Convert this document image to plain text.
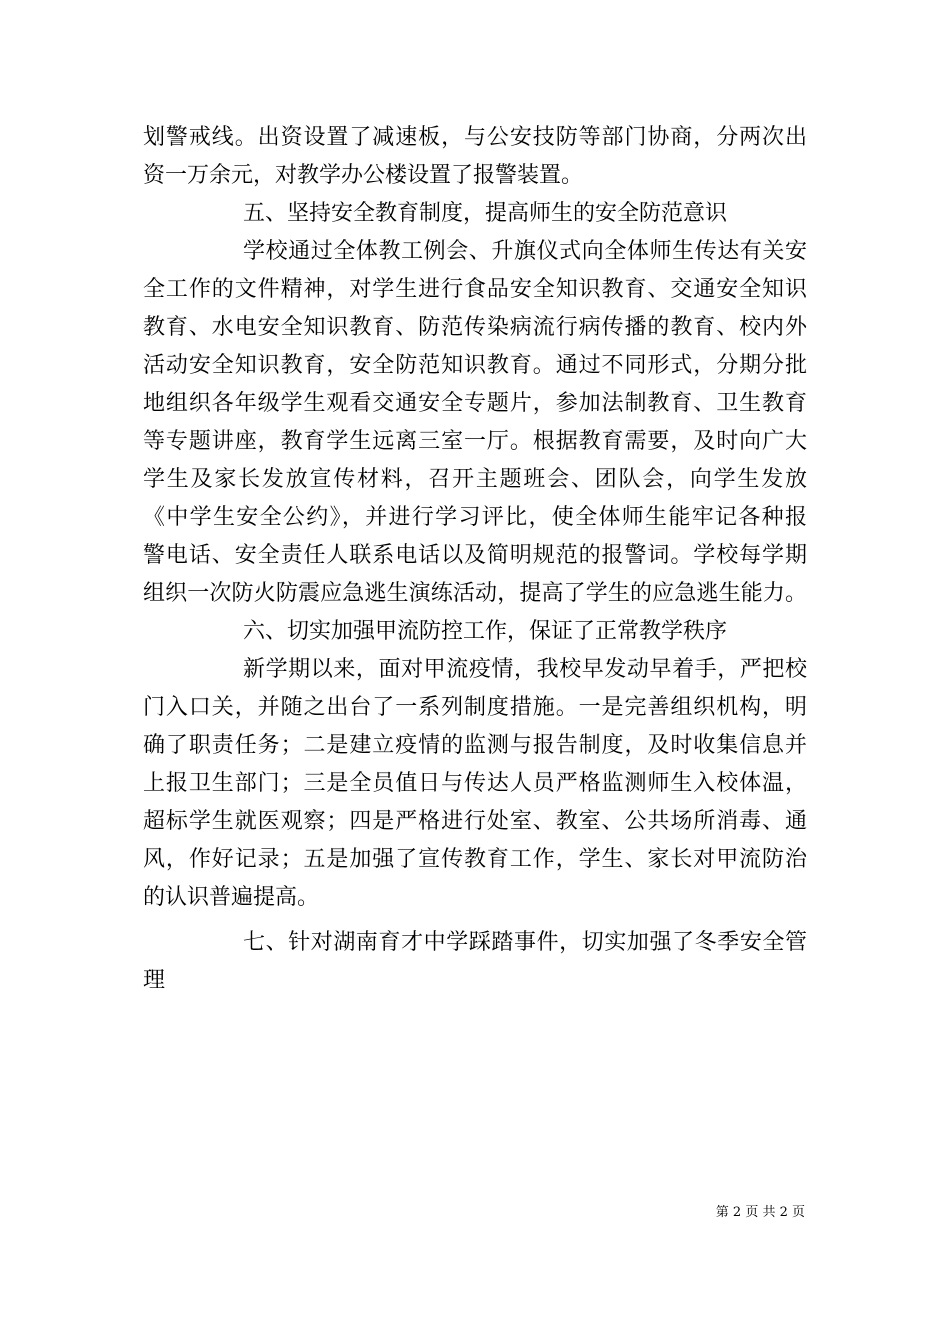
划警戒线。出资设置了减速板，与公安技防等部门协商，分两次出
资一万余元，对教学办公楼设置了报警装置。
五、坚持安全教育制度，提高师生的安全防范意识
学校通过全体教工例会、升旗仪式向全体师生传达有关安
全工作的文件精神，对学生进行食品安全知识教育、交通安全知识
教育、水电安全知识教育、防范传染病流行病传播的教育、校内外
活动安全知识教育，安全防范知识教育。通过不同形式，分期分批
地组织各年级学生观看交通安全专题片，参加法制教育、卫生教育
等专题讲座，教育学生远离三室一厅。根据教育需要，及时向广大
学生及家长发放宣传材料，召开主题班会、团队会，向学生发放
《中学生安全公约》，并进行学习评比，使全体师生能牢记各种报
警电话、安全责任人联系电话以及简明规范的报警词。学校每学期
组织一次防火防震应急逃生演练活动，提高了学生的应急逃生能力。
六、切实加强甲流防控工作，保证了正常教学秩序
新学期以来，面对甲流疫情，我校早发动早着手，严把校
门入口关，并随之出台了一系列制度措施。一是完善组织机构，明
确了职责任务；二是建立疫情的监测与报告制度，及时收集信息并
上报卫生部门；三是全员值日与传达人员严格监测师生入校体温，
超标学生就医观察；四是严格进行处室、教室、公共场所消毒、通
风，作好记录；五是加强了宣传教育工作，学生、家长对甲流防治
的认识普遍提高。
七、针对湖南育才中学踩踏事件，切实加强了冬季安全管
理
第 2 页 共 2 页
